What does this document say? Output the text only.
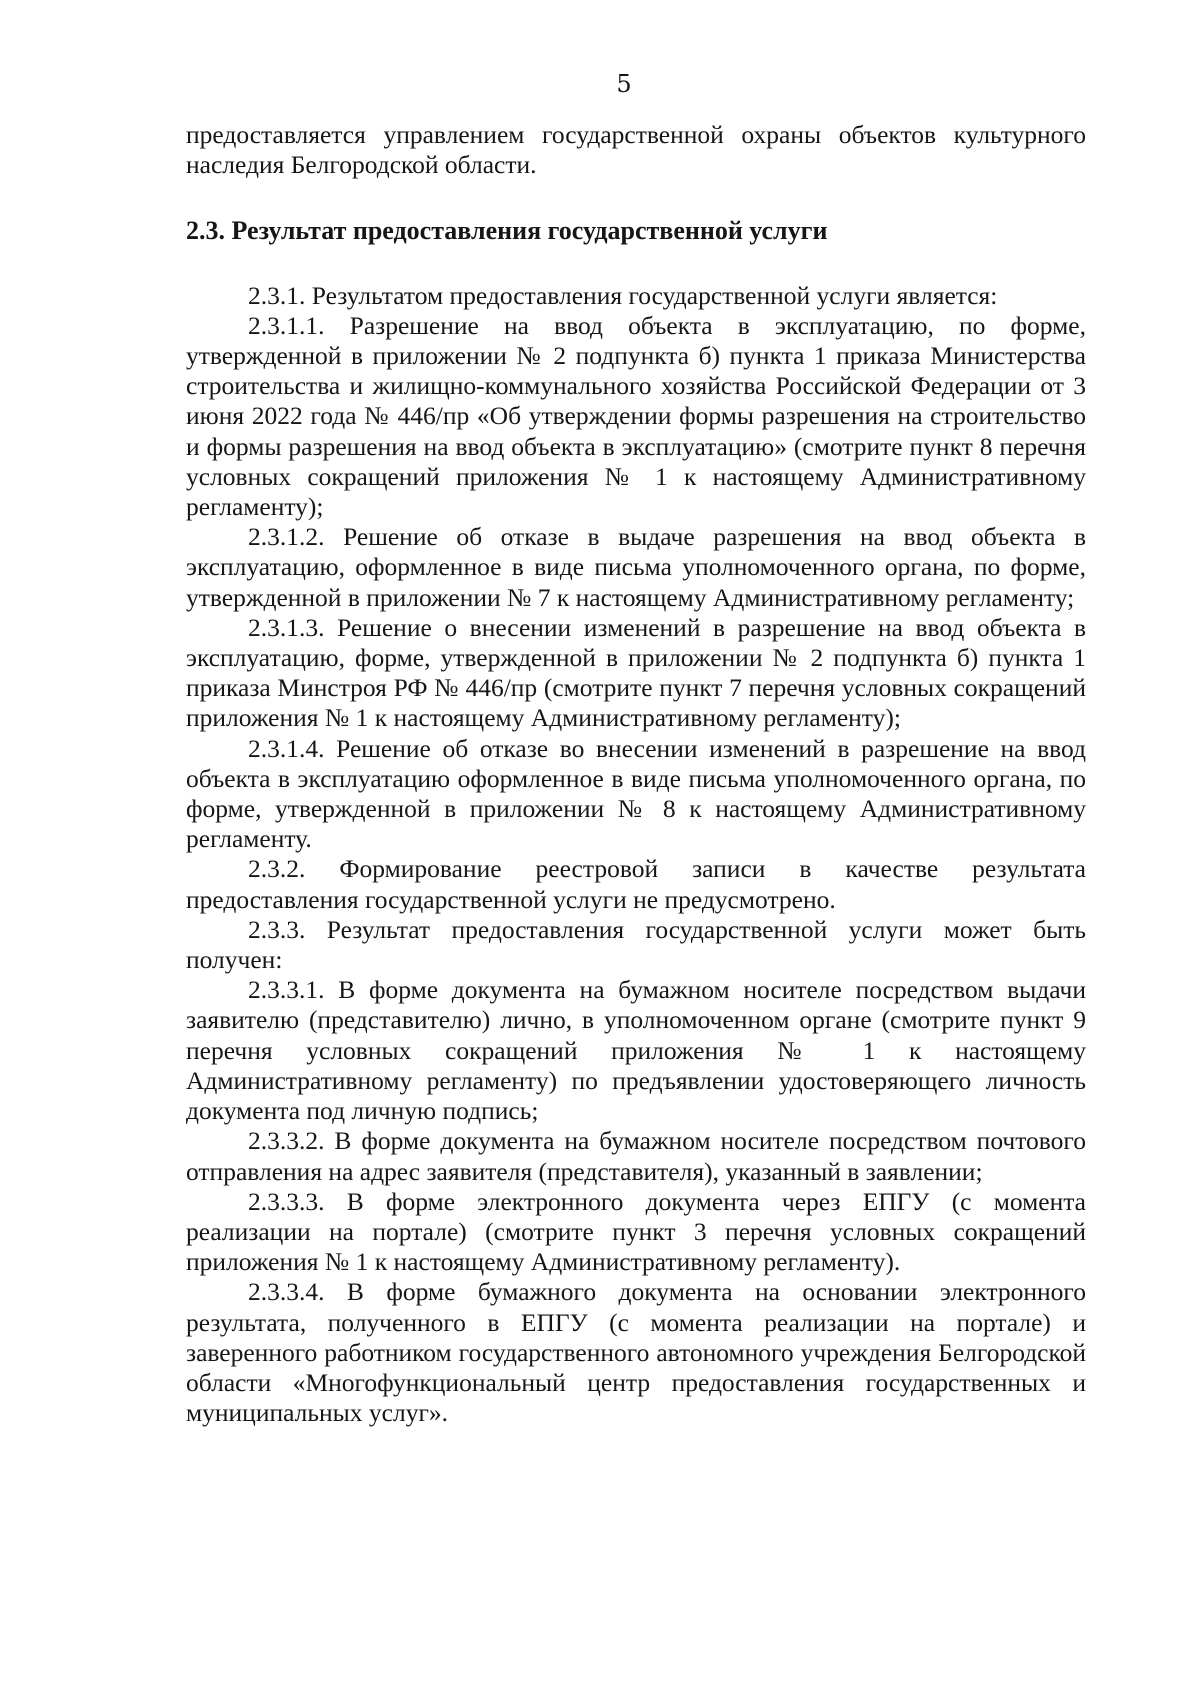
5

предоставляется управлением государственной охраны объектов культурного наследия Белгородской области.

2.3. Результат предоставления государственной услуги

2.3.1. Результатом предоставления государственной услуги является:

2.3.1.1. Разрешение на ввод объекта в эксплуатацию, по форме, утвержденной в приложении № 2 подпункта б) пункта 1 приказа Министерства строительства и жилищно-коммунального хозяйства Российской Федерации от 3 июня 2022 года № 446/пр «Об утверждении формы разрешения на строительство и формы разрешения на ввод объекта в эксплуатацию» (смотрите пункт 8 перечня условных сокращений приложения № 1 к настоящему Административному регламенту);

2.3.1.2. Решение об отказе в выдаче разрешения на ввод объекта в эксплуатацию, оформленное в виде письма уполномоченного органа, по форме, утвержденной в приложении № 7 к настоящему Административному регламенту;

2.3.1.3. Решение о внесении изменений в разрешение на ввод объекта в эксплуатацию, форме, утвержденной в приложении № 2 подпункта б) пункта 1 приказа Минстроя РФ № 446/пр (смотрите пункт 7 перечня условных сокращений приложения № 1 к настоящему Административному регламенту);

2.3.1.4. Решение об отказе во внесении изменений в разрешение на ввод объекта в эксплуатацию оформленное в виде письма уполномоченного органа, по форме, утвержденной в приложении № 8 к настоящему Административному регламенту.

2.3.2. Формирование реестровой записи в качестве результата предоставления государственной услуги не предусмотрено.

2.3.3. Результат предоставления государственной услуги может быть получен:

2.3.3.1. В форме документа на бумажном носителе посредством выдачи заявителю (представителю) лично, в уполномоченном органе (смотрите пункт 9 перечня условных сокращений приложения № 1 к настоящему Административному регламенту) по предъявлении удостоверяющего личность документа под личную подпись;

2.3.3.2. В форме документа на бумажном носителе посредством почтового отправления на адрес заявителя (представителя), указанный в заявлении;

2.3.3.3. В форме электронного документа через ЕПГУ (с момента реализации на портале) (смотрите пункт 3 перечня условных сокращений приложения № 1 к настоящему Административному регламенту).

2.3.3.4. В форме бумажного документа на основании электронного результата, полученного в ЕПГУ (с момента реализации на портале) и заверенного работником государственного автономного учреждения Белгородской области «Многофункциональный центр предоставления государственных и муниципальных услуг».
